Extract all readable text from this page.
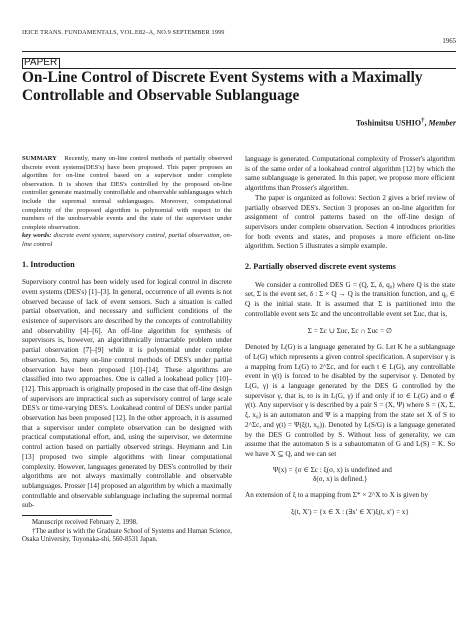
IEICE TRANS. FUNDAMENTALS, VOL.E82–A, NO.9 SEPTEMBER 1999
1965
PAPER
On-Line Control of Discrete Event Systems with a Maximally Controllable and Observable Sublanguage
Toshimitsu USHIO†, Member

SUMMARY Recently, many on-line control methods of partially observed discrete event systems(DES's) have been proposed. This paper proposes an algorithm for on-line control based on a supervisor under complete observation. It is shown that DES's controlled by the proposed on-line controller generate maximally controllable and observable sublanguages which include the supremal normal sublanguages. Moreover, computational complexity of the proposed algorithm is polynomial with respect to the numbers of the unobservable events and the state of the supervisor under complete observation.

key words: discrete event system, supervisory control, partial observation, on-line control

1. Introduction

Supervisory control has been widely used for logical control in discrete event systems (DES's) [1]–[3]. In general, occurrence of all events is not observed because of lack of event sensors. Such a situation is called partial observation, and necessary and sufficient conditions of the existence of supervisors are described by the concepts of controllability and observability [4]–[6]. An off-line algorithm for synthesis of supervisors is, however, an algorithmically intractable problem under partial observation [7]–[9] while it is polynomial under complete observation. So, many on-line control methods of DES's under partial observation have been proposed [10]–[14]. These algorithms are classified into two approaches. One is called a lookahead policy [10]–[12]. This approach is originally proposed in the case that off-line design of supervisors are impractical such as supervisory control of large scale DES's or time-varying DES's. Lookahead control of DES's under partial observation has been proposed [12]. In the other approach, it is assumed that a supervisor under complete observation can be designed with practical computational effort, and, using the supervisor, we determine control action based on partially observed strings. Heymann and Lin [13] proposed two simple algorithms with linear computational complexity. However, languages generated by DES's controlled by their algorithms are not always maximally controllable and observable sublanguages. Prosser [14] proposed an algorithm by which a maximally controllable and observable sublanguage including the supremal normal sub-

Manuscript received February 2, 1998.

†The author is with the Graduate School of Systems and Human Science, Osaka University, Toyonaka-shi, 560-8531 Japan.

language is generated. Computational complexity of Prosser's algorithm is of the same order of a lookahead control algorithm [12] by which the same sublanguage is generated. In this paper, we propose more efficient algorithms than Prosser's algorithm.

The paper is organized as follows: Section 2 gives a brief review of partially observed DES's. Section 3 proposes an on-line algorithm for assignment of control patterns based on the off-line design of supervisors under complete observation. Section 4 introduces priorities for both events and states, and proposes a more efficient on-line algorithm. Section 5 illustrates a simple example.

2. Partially observed discrete event systems

We consider a controlled DES G = (Q, Σ, δ, q₀) where Q is the state set, Σ is the event set, δ : Σ × Q → Q is the transition function, and q₀ ∈ Q is the initial state. It is assumed that Σ is partitioned into the controllable event sets Σc and the uncontrollable event set Σuc, that is,

Σ = Σc ∪ Σuc, Σc ∩ Σuc = ∅

Denoted by L(G) is a language generated by G. Let K be a sublanguage of L(G) which represents a given control specification. A supervisor γ is a mapping from L(G) to 2^Σc, and for each t ∈ L(G), any controllable event in γ(t) is forced to be disabled by the supervisor γ. Denoted by L(G, γ) is a language generated by the DES G controlled by the supervisor γ, that is, tσ is in L(G, γ) if and only if tσ ∈ L(G) and σ ∉ γ(t). Any supervisor γ is described by a pair S = (X, Ψ) where S = (X, Σ, ξ, x₀) is an automaton and Ψ is a mapping from the state set X of S to 2^Σc, and γ(t) = Ψ(ξ(t, x₀)). Denoted by L(S/G) is a language generated by the DES G controlled by S. Without loss of generality, we can assume that the automaton S is a subautomaton of G and L(S) = K. So we have X ⊆ Q, and we can set

Ψ(x) = {σ ∈ Σc : ξ(σ, x) is undefined and
δ(σ, x) is defined.}

An extension of ξ to a mapping from Σ* × 2^X to X is given by

ξ(t, X′) = {x ∈ X : (∃x′ ∈ X′)ξ(t, x′) = x}
